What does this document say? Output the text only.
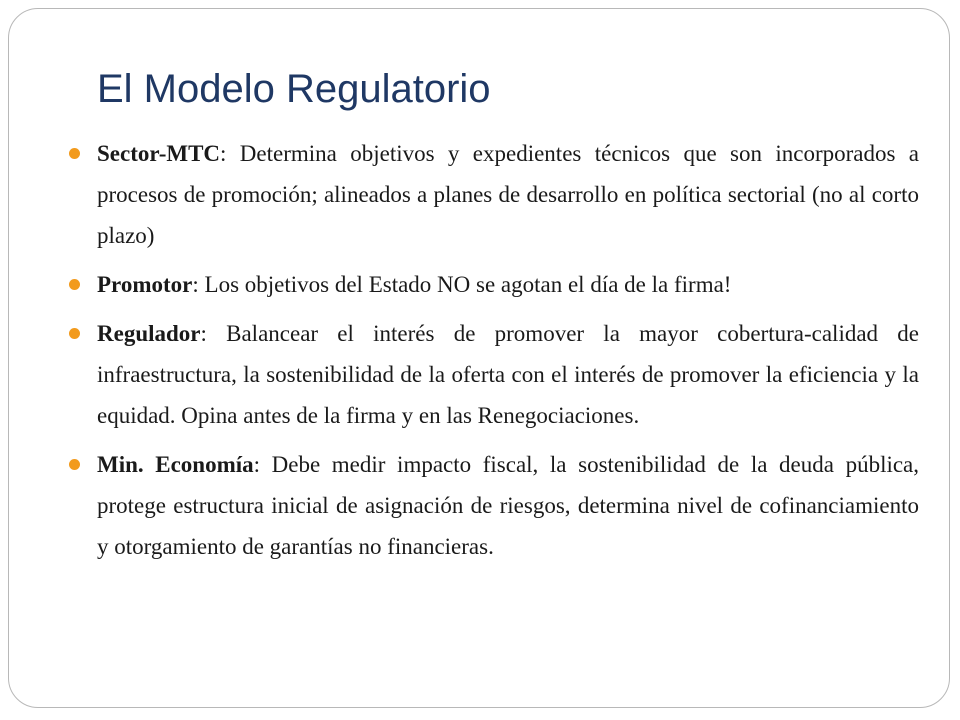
El Modelo Regulatorio
Sector-MTC: Determina objetivos y expedientes técnicos que son incorporados a procesos de promoción; alineados a planes de desarrollo en política sectorial (no al corto plazo)
Promotor: Los objetivos del Estado NO se agotan el día de la firma!
Regulador: Balancear el interés de promover la mayor cobertura-calidad de infraestructura, la sostenibilidad de la oferta con el interés de promover la eficiencia y la equidad. Opina antes de la firma y en las Renegociaciones.
Min. Economía: Debe medir impacto fiscal, la sostenibilidad de la deuda pública, protege estructura inicial de asignación de riesgos, determina nivel de cofinanciamiento y otorgamiento de garantías no financieras.
